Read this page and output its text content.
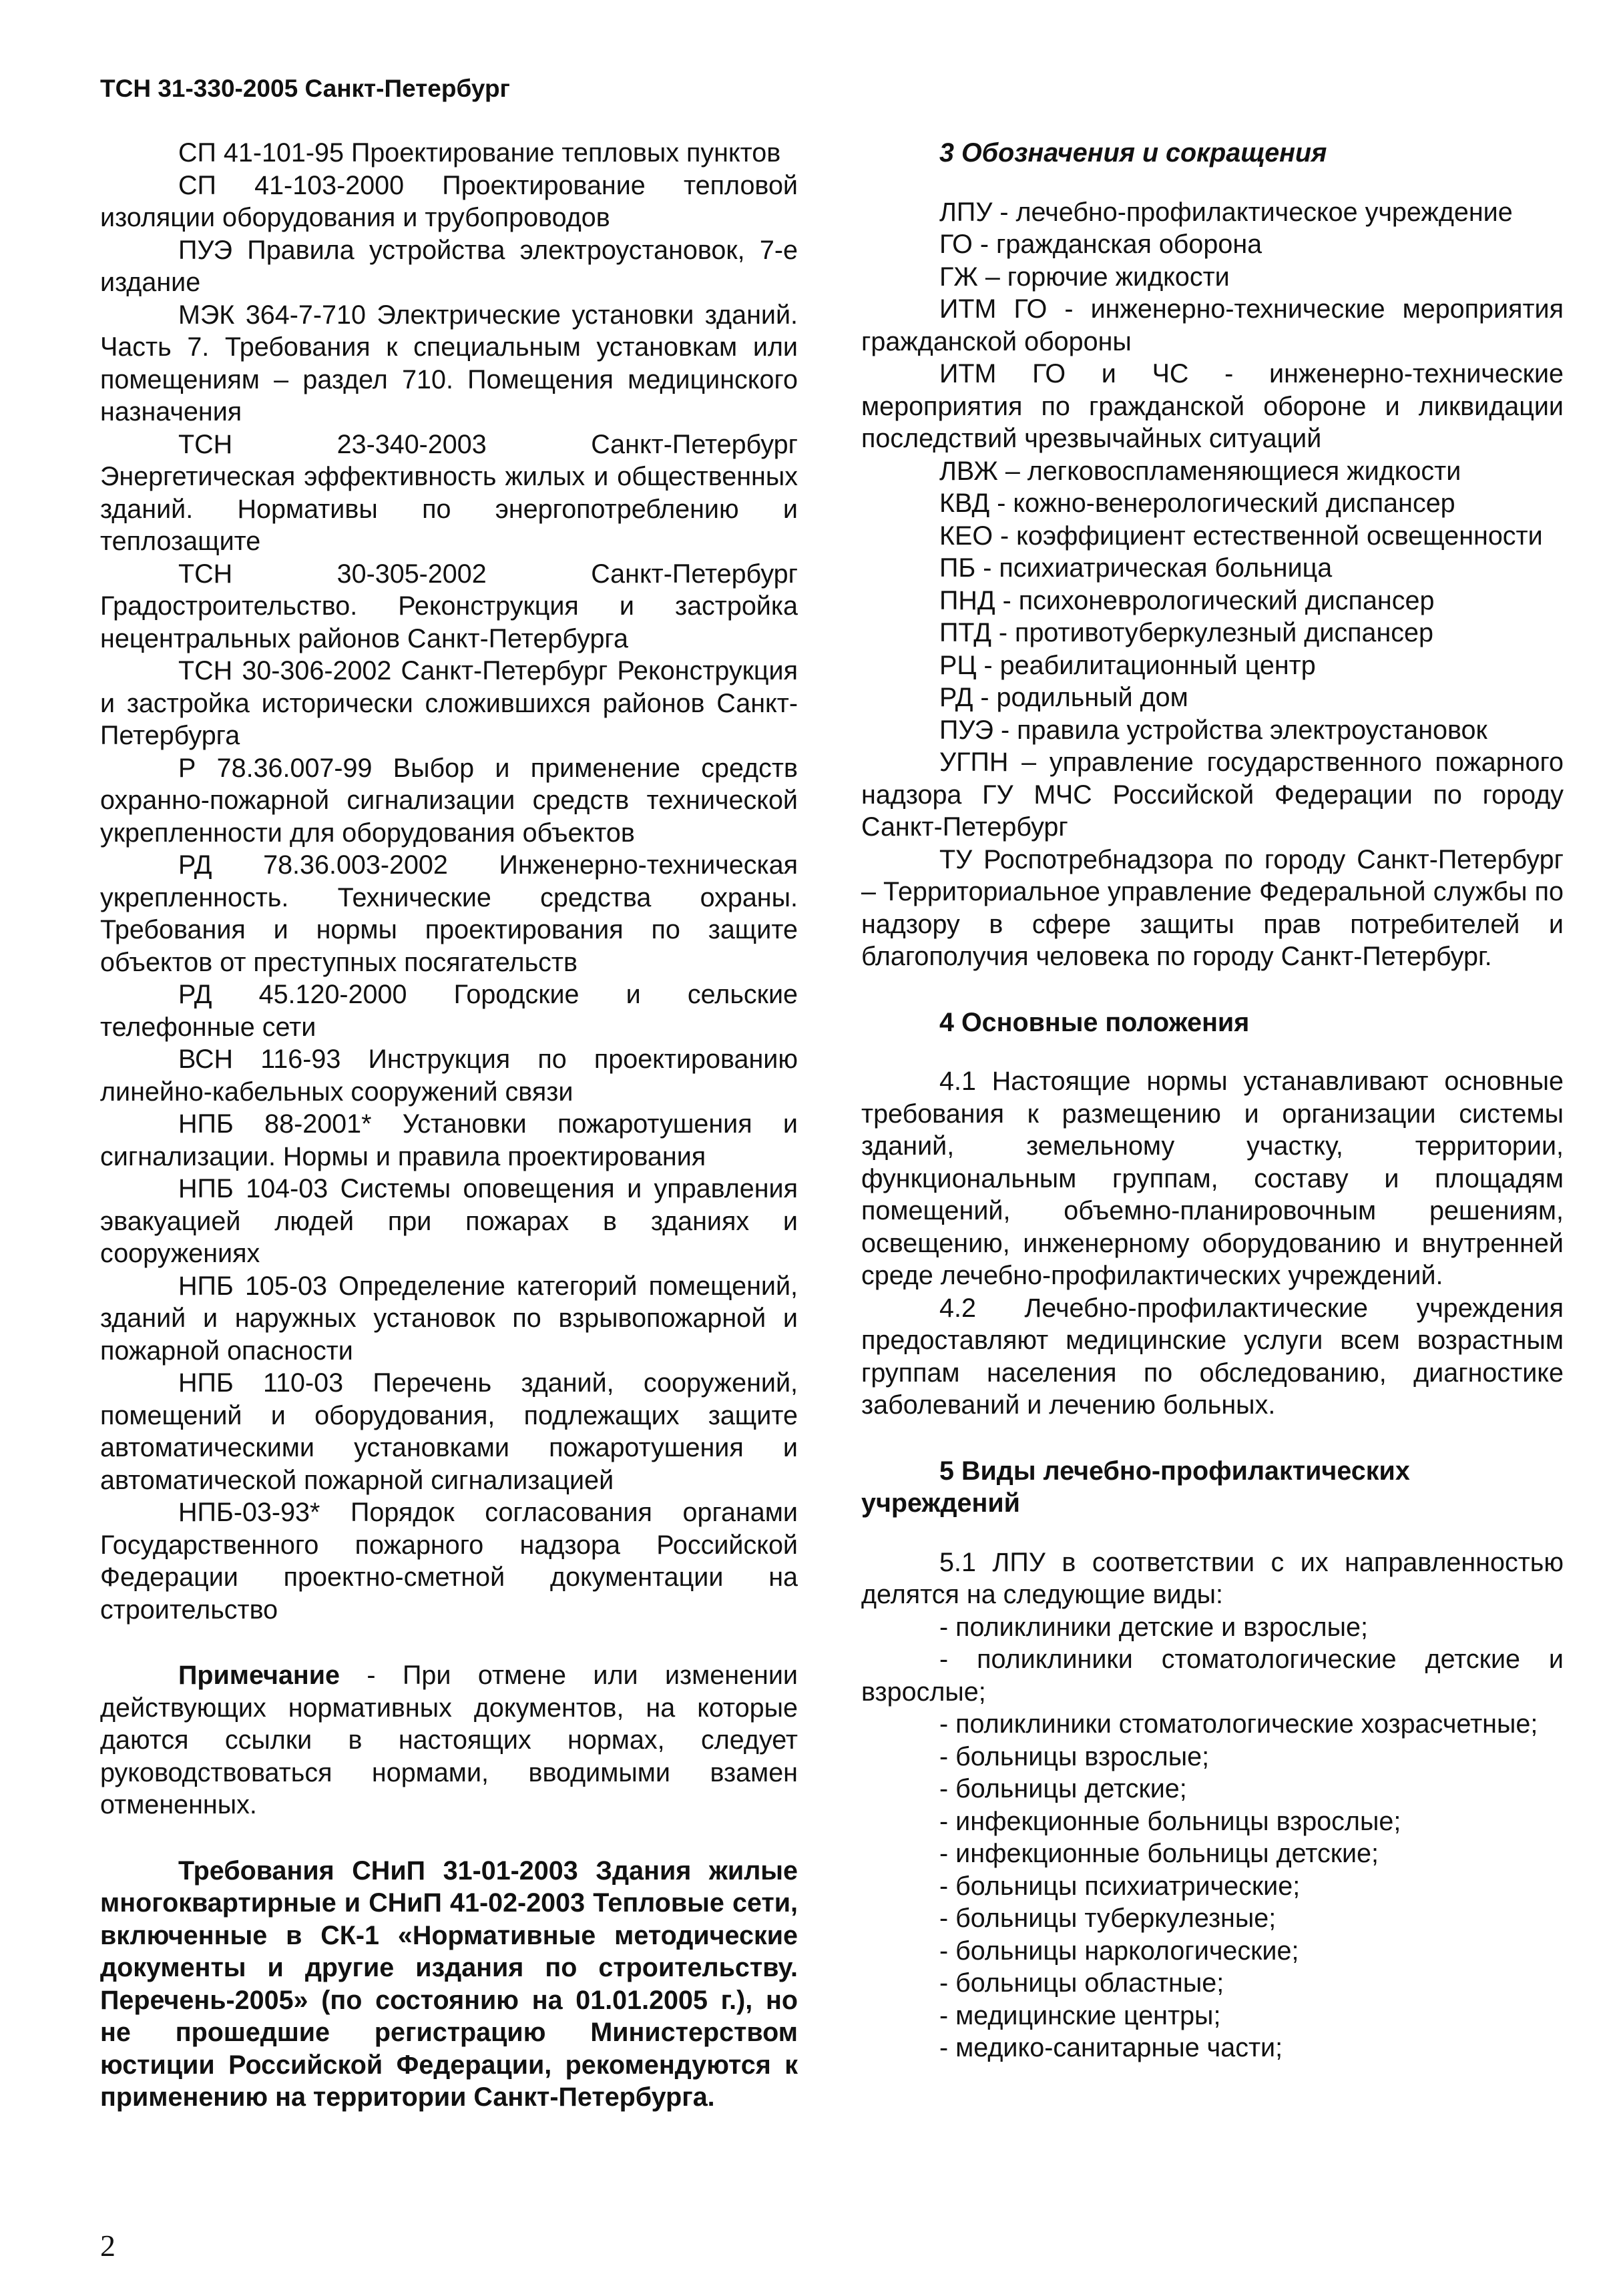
ТСН 31-330-2005 Санкт-Петербург

СП 41-101-95 Проектирование тепловых пунктов

СП 41-103-2000 Проектирование тепловой изоляции оборудования и трубопроводов

ПУЭ Правила устройства электроустановок, 7-е издание

МЭК 364-7-710 Электрические установки зданий. Часть 7. Требования к специальным установкам или помещениям – раздел 710. Помещения медицинского назначения

ТСН 23-340-2003 Санкт-Петербург Энергетическая эффективность жилых и общественных зданий. Нормативы по энергопотреблению и теплозащите

ТСН 30-305-2002 Санкт-Петербург Градостроительство. Реконструкция и застройка нецентральных районов Санкт-Петербурга

ТСН 30-306-2002 Санкт-Петербург Реконструкция и застройка исторически сложившихся районов Санкт-Петербурга

Р 78.36.007-99 Выбор и применение средств охранно-пожарной сигнализации средств технической укрепленности для оборудования объектов

РД 78.36.003-2002 Инженерно-техническая укрепленность. Технические средства охраны. Требования и нормы проектирования по защите объектов от преступных посягательств

РД 45.120-2000 Городские и сельские телефонные сети

ВСН 116-93 Инструкция по проектированию линейно-кабельных сооружений связи

НПБ 88-2001* Установки пожаротушения и сигнализации. Нормы и правила проектирования

НПБ 104-03 Системы оповещения и управления эвакуацией людей при пожарах в зданиях и сооружениях

НПБ 105-03 Определение категорий помещений, зданий и наружных установок по взрывопожарной и пожарной опасности

НПБ 110-03 Перечень зданий, сооружений, помещений и оборудования, подлежащих защите автоматическими установками пожаротушения и автоматической пожарной сигнализацией

НПБ-03-93* Порядок согласования органами Государственного пожарного надзора Российской Федерации проектно-сметной документации на строительство

Примечание - При отмене или изменении действующих нормативных документов, на которые даются ссылки в настоящих нормах, следует руководствоваться нормами, вводимыми взамен отмененных.

Требования СНиП 31-01-2003 Здания жилые многоквартирные и СНиП 41-02-2003 Тепловые сети, включенные в СК-1 «Нормативные методические документы и другие издания по строительству. Перечень-2005» (по состоянию на 01.01.2005 г.), но не прошедшие регистрацию Министерством юстиции Российской Федерации, рекомендуются к применению на территории Санкт-Петербурга.

3 Обозначения и сокращения

ЛПУ - лечебно-профилактическое учреждение

ГО - гражданская оборона

ГЖ – горючие жидкости

ИТМ ГО - инженерно-технические мероприятия гражданской обороны

ИТМ ГО и ЧС - инженерно-технические мероприятия по гражданской обороне и ликвидации последствий чрезвычайных ситуаций

ЛВЖ – легковоспламеняющиеся жидкости

КВД - кожно-венерологический диспансер

КЕО - коэффициент естественной освещенности

ПБ - психиатрическая больница

ПНД - психоневрологический диспансер

ПТД - противотуберкулезный диспансер

РЦ - реабилитационный центр

РД - родильный дом

ПУЭ - правила устройства электроустановок

УГПН – управление государственного пожарного надзора ГУ МЧС Российской Федерации по городу Санкт-Петербург

ТУ Роспотребнадзора по городу Санкт-Петербург – Территориальное управление Федеральной службы по надзору в сфере защиты прав потребителей и благополучия человека по городу Санкт-Петербург.

4 Основные положения

4.1 Настоящие нормы устанавливают основные требования к размещению и организации системы зданий, земельному участку, территории, функциональным группам, составу и площадям помещений, объемно-планировочным решениям, освещению, инженерному оборудованию и внутренней среде лечебно-профилактических учреждений.

4.2 Лечебно-профилактические учреждения предоставляют медицинские услуги всем возрастным группам населения по обследованию, диагностике заболеваний и лечению больных.

5 Виды лечебно-профилактических учреждений

5.1 ЛПУ в соответствии с их направленностью делятся на следующие виды:

- поликлиники детские и взрослые;

- поликлиники стоматологические детские и взрослые;

- поликлиники стоматологические хозрасчетные;

- больницы взрослые;

- больницы детские;

- инфекционные больницы взрослые;

- инфекционные больницы детские;

- больницы психиатрические;

- больницы туберкулезные;

- больницы наркологические;

- больницы областные;

- медицинские центры;

- медико-санитарные части;

2
